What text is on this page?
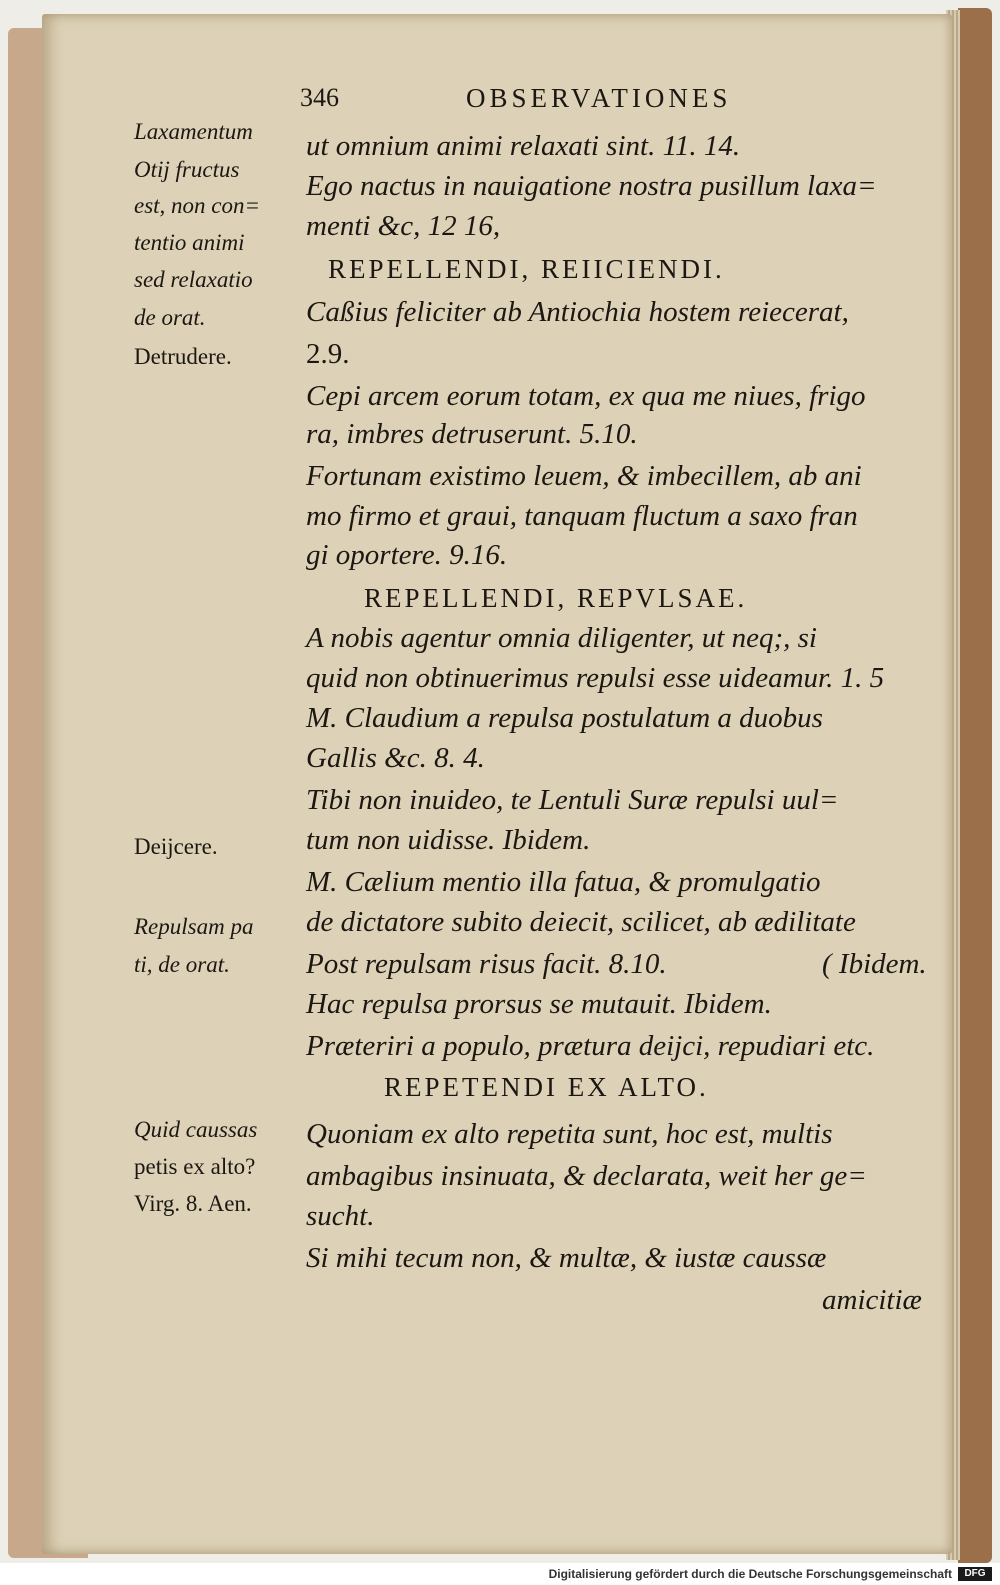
346	OBSERVATIONES
Laxamentum
Otij fructus
est, non con=
tentio animi
sed relaxatio
de orat.
Detrudere.
Deijcere.
Repulsam pa
ti, de orat.
Quid caussas
petis ex alto?
Virg. 8. Aen.
ut omnium animi relaxati sint. 11. 14.
Ego nactus in nauigatione nostra pusillum laxa=
menti &c, 12 16,
REPELLENDI, REIICIENDI.
Caßius feliciter ab Antiochia hostem reiecerat,
2.9.
Cepi arcem eorum totam, ex qua me niues, frigo
ra, imbres detruserunt. 5.10.
Fortunam existimo leuem, & imbecillem, ab ani
mo firmo et graui, tanquam fluctum a saxo fran
gi oportere. 9.16.
REPELLENDI, REPVLSAE.
A nobis agentur omnia diligenter, ut neq;, si
quid non obtinuerimus repulsi esse uideamur. 1. 5
M. Claudium a repulsa postulatum a duobus
Gallis &c. 8. 4.
Tibi non inuideo, te Lentuli Suræ repulsi uul=
tum non uidisse. Ibidem.
M. Cælium mentio illa fatua, & promulgatio
de dictatore subito deiecit, scilicet, ab ædilitate
Post repulsam risus facit. 8.10.	( Ibidem.
Hac repulsa prorsus se mutauit. Ibidem.
Præteriri a populo, prætura deijci, repudiari etc.
REPETENDI EX ALTO.
Quoniam ex alto repetita sunt, hoc est, multis
ambagibus insinuata, & declarata, weit her ge=
sucht.
Si mihi tecum non, & multæ, & iustæ caussæ
amicitiæ
Digitalisierung gefördert durch die Deutsche Forschungsgemeinschaft	DFG
